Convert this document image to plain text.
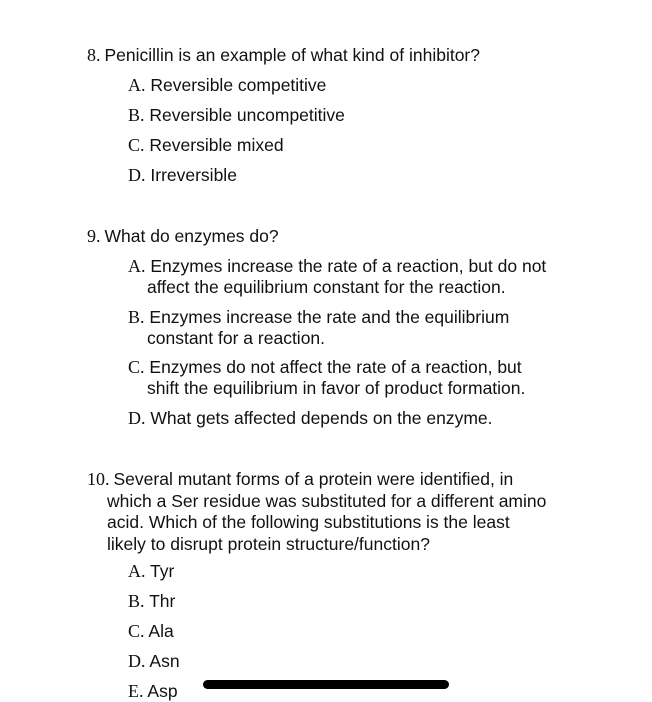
8. Penicillin is an example of what kind of inhibitor?
A. Reversible competitive
B. Reversible uncompetitive
C. Reversible mixed
D. Irreversible
9. What do enzymes do?
A. Enzymes increase the rate of a reaction, but do not
affect the equilibrium constant for the reaction.
B. Enzymes increase the rate and the equilibrium
constant for a reaction.
C. Enzymes do not affect the rate of a reaction, but
shift the equilibrium in favor of product formation.
D. What gets affected depends on the enzyme.
10. Several mutant forms of a protein were identified, in
which a Ser residue was substituted for a different amino
acid. Which of the following substitutions is the least
likely to disrupt protein structure/function?
A. Tyr
B. Thr
C. Ala
D. Asn
E. Asp
